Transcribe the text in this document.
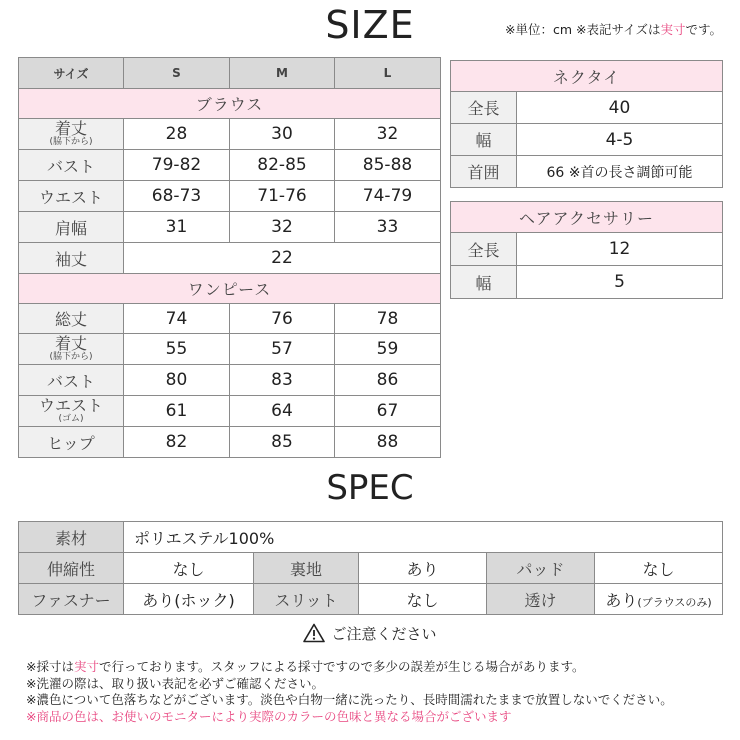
SIZE	※単位：cm ※表記サイズは実寸です。
サイズ	S	M	L
ブラウス			

着丈
(脇下から)	28	30	32
バスト	79-82	82-85	85-88
ウエスト	68-73	71-76	74-79
肩幅	31	32	33
袖丈	22		
ワンピース			
総丈	74	76	78

着丈
(脇下から)	55	57	59
バスト	80	83	86

ウエスト
(ゴム)	61	64	67
ヒップ	82	85	88
ネクタイ	
全長	40
幅	4-5
首囲	66 ※首の長さ調節可能
ヘアアクセサリー	
全長	12
幅	5
SPEC
素材	ポリエステル100%				
伸縮性	なし	裏地	あり	パッド	なし
ファスナー	あり(ホック)	スリット	なし	透け	あり(ブラウスのみ)
ご注意ください
※採寸は実寸で行っております。スタッフによる採寸ですので多少の誤差が生じる場合があります。
※洗濯の際は、取り扱い表記を必ずご確認ください。
※濃色について色落ちなどがございます。淡色や白物一緒に洗ったり、長時間濡れたままで放置しないでください。
※商品の色は、お使いのモニターにより実際のカラーの色味と異なる場合がございます
